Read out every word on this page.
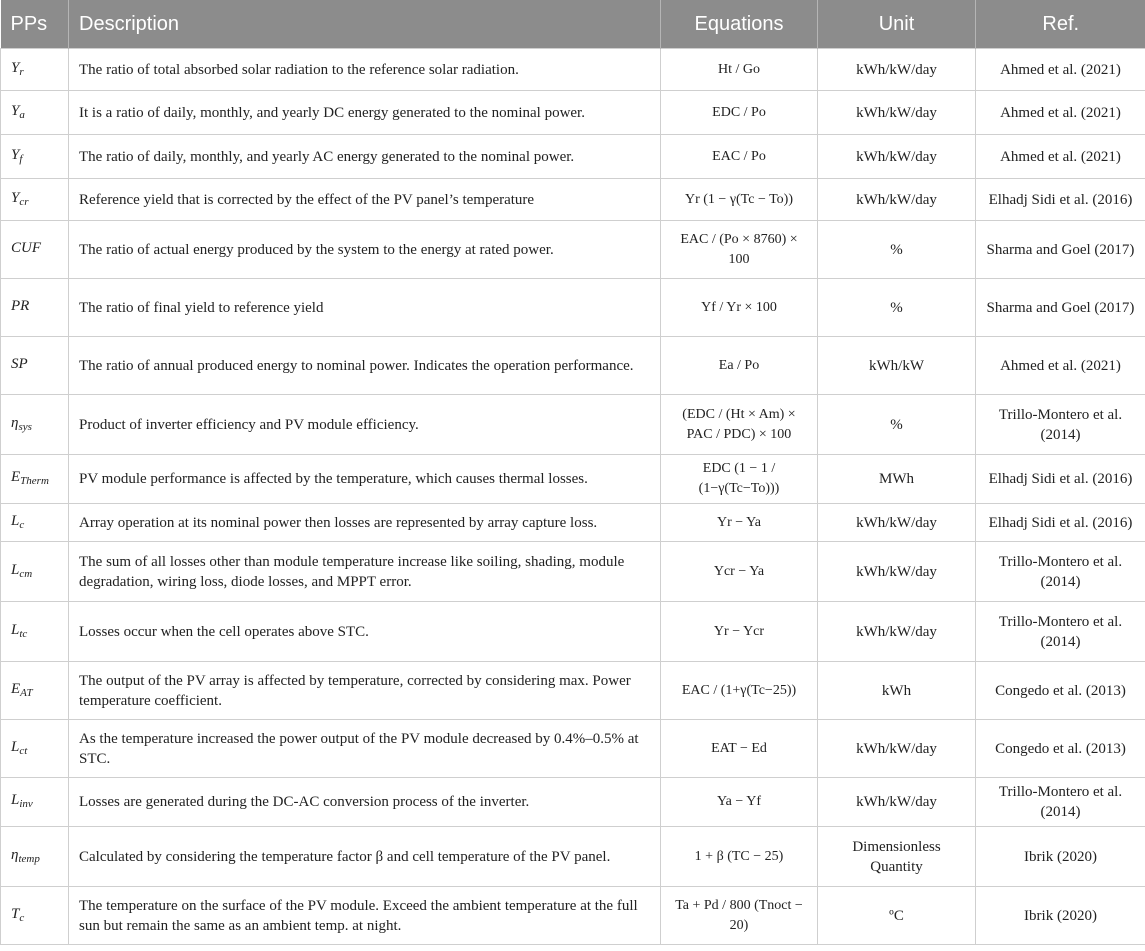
PPs	Description	Equations	Unit	Ref.
$Y_r$	The ratio of total absorbed solar radiation to the reference solar radiation.	Ht / Go	kWh/kW/day	Ahmed et al. (2021)
$Y_a$	It is a ratio of daily, monthly, and yearly DC energy generated to the nominal power.	EDC / Po	kWh/kW/day	Ahmed et al. (2021)
$Y_f$	The ratio of daily, monthly, and yearly AC energy generated to the nominal power.	EAC / Po	kWh/kW/day	Ahmed et al. (2021)
$Y_{cr}$	Reference yield that is corrected by the effect of the PV panel’s temperature	Yr (1 − γ(Tc − To))	kWh/kW/day	Elhadj Sidi et al. (2016)
CUF	The ratio of actual energy produced by the system to the energy at rated power.	EAC / (Po × 8760) × 100	%	Sharma and Goel (2017)
PR	The ratio of final yield to reference yield	Yf / Yr × 100	%	Sharma and Goel (2017)
SP	The ratio of annual produced energy to nominal power. Indicates the operation performance.	Ea / Po	kWh/kW	Ahmed et al. (2021)
$\eta_{sys}$	Product of inverter efficiency and PV module efficiency.	(EDC / (Ht × Am) × PAC / PDC) × 100	%	Trillo-Montero et al. (2014)
$E_{Therm}$	PV module performance is affected by the temperature, which causes thermal losses.	EDC (1 − 1 / (1−γ(Tc−To)))	MWh	Elhadj Sidi et al. (2016)
$L_c$	Array operation at its nominal power then losses are represented by array capture loss.	Yr − Ya	kWh/kW/day	Elhadj Sidi et al. (2016)
$L_{cm}$	The sum of all losses other than module temperature increase like soiling, shading, module degradation, wiring loss, diode losses, and MPPT error.	Ycr − Ya	kWh/kW/day	Trillo-Montero et al. (2014)
$L_{tc}$	Losses occur when the cell operates above STC.	Yr − Ycr	kWh/kW/day	Trillo-Montero et al. (2014)
$E_{AT}$	The output of the PV array is affected by temperature, corrected by considering max. Power temperature coefficient.	EAC / (1+γ(Tc−25))	kWh	Congedo et al. (2013)
$L_{ct}$	As the temperature increased the power output of the PV module decreased by 0.4%–0.5% at STC.	EAT − Ed	kWh/kW/day	Congedo et al. (2013)
$L_{inv}$	Losses are generated during the DC-AC conversion process of the inverter.	Ya − Yf	kWh/kW/day	Trillo-Montero et al. (2014)
$\eta_{temp}$	Calculated by considering the temperature factor β and cell temperature of the PV panel.	1 + β (TC − 25)	Dimensionless Quantity	Ibrik (2020)
$T_c$	The temperature on the surface of the PV module. Exceed the ambient temperature at the full sun but remain the same as an ambient temp. at night.	Ta + Pd / 800 (Tnoct − 20)	ºC	Ibrik (2020)
